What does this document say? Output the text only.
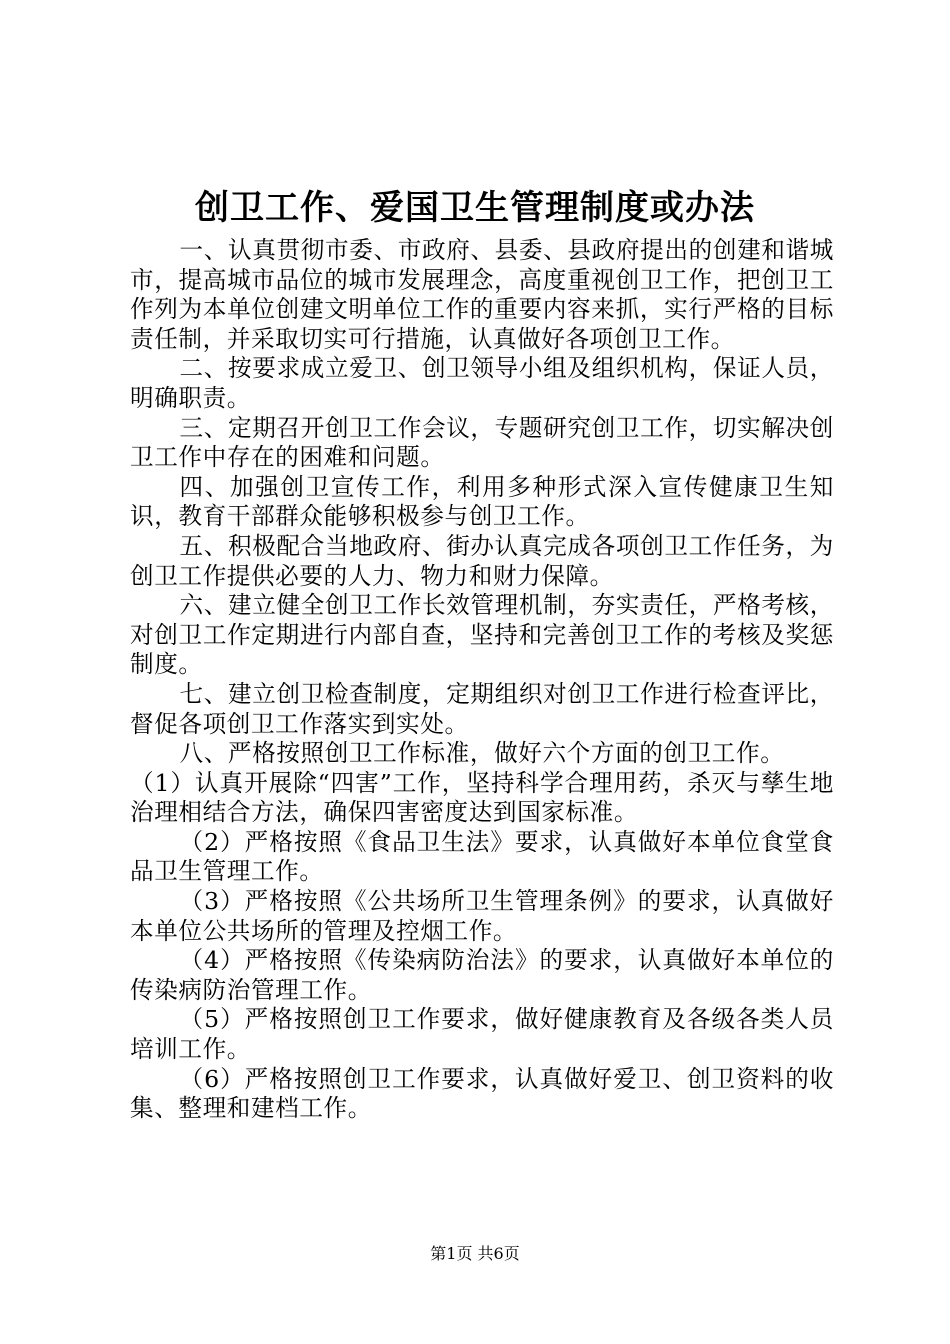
创卫工作、爱国卫生管理制度或办法

一、认真贯彻市委、市政府、县委、县政府提出的创建和谐城市，提高城市品位的城市发展理念，高度重视创卫工作，把创卫工作列为本单位创建文明单位工作的重要内容来抓，实行严格的目标责任制，并采取切实可行措施，认真做好各项创卫工作。

二、按要求成立爱卫、创卫领导小组及组织机构，保证人员，明确职责。

三、定期召开创卫工作会议，专题研究创卫工作，切实解决创卫工作中存在的困难和问题。

四、加强创卫宣传工作，利用多种形式深入宣传健康卫生知识，教育干部群众能够积极参与创卫工作。

五、积极配合当地政府、街办认真完成各项创卫工作任务，为创卫工作提供必要的人力、物力和财力保障。

六、建立健全创卫工作长效管理机制，夯实责任，严格考核，对创卫工作定期进行内部自查，坚持和完善创卫工作的考核及奖惩制度。

七、建立创卫检查制度，定期组织对创卫工作进行检查评比，督促各项创卫工作落实到实处。

八、严格按照创卫工作标准，做好六个方面的创卫工作。

（1）认真开展除“四害”工作，坚持科学合理用药，杀灭与孳生地治理相结合方法，确保四害密度达到国家标准。

（2）严格按照《食品卫生法》要求，认真做好本单位食堂食品卫生管理工作。

（3）严格按照《公共场所卫生管理条例》的要求，认真做好本单位公共场所的管理及控烟工作。

（4）严格按照《传染病防治法》的要求，认真做好本单位的传染病防治管理工作。

（5）严格按照创卫工作要求，做好健康教育及各级各类人员培训工作。

（6）严格按照创卫工作要求，认真做好爱卫、创卫资料的收集、整理和建档工作。

第1页 共6页
